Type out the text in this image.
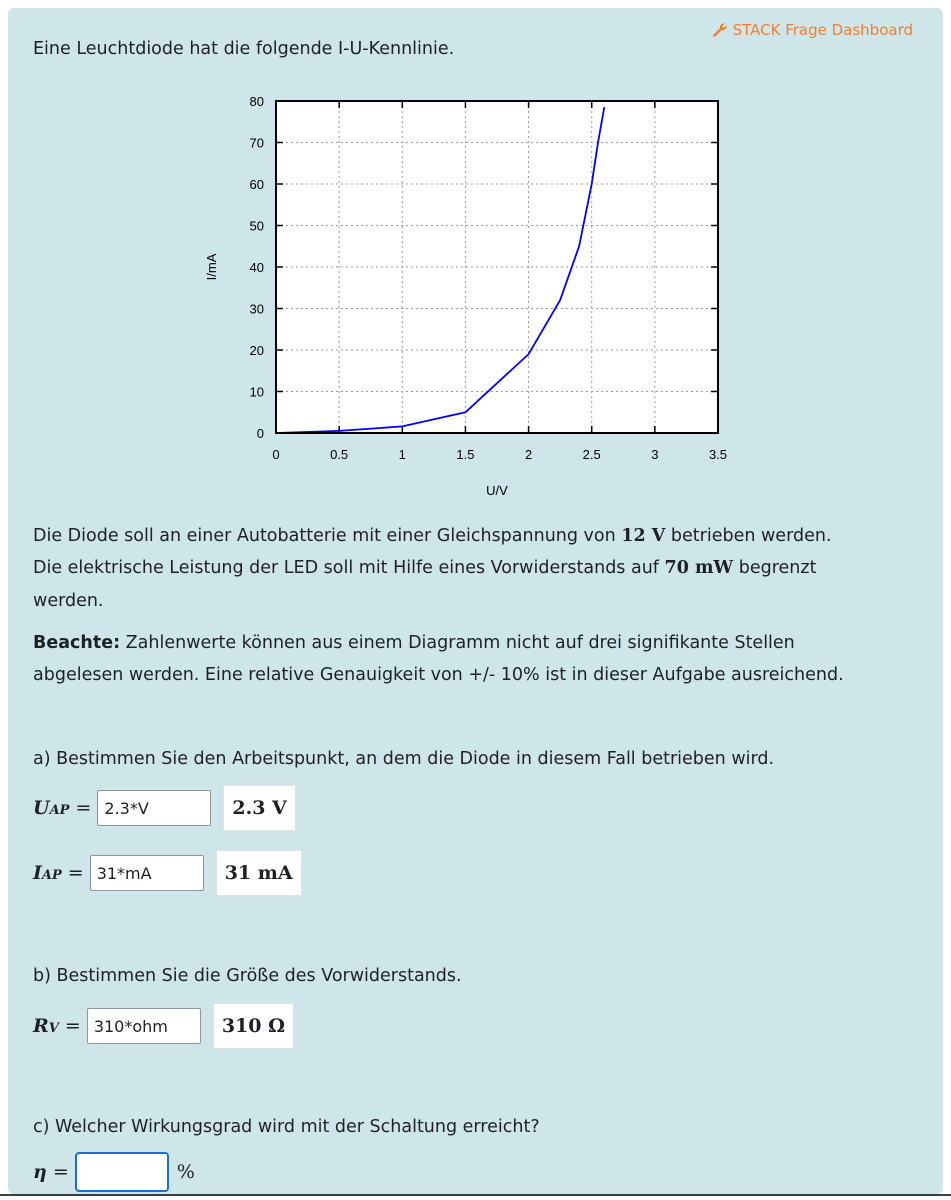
STACK Frage Dashboard

Eine Leuchtdiode hat die folgende I-U-Kennlinie.

0	0.5	1	1.5	2	2.5	3	3.5
0
10
20
30
40
50
60
70
80
U/V
I/mA

Die Diode soll an einer Autobatterie mit einer Gleichspannung von 12 V betrieben werden.

Die elektrische Leistung der LED soll mit Hilfe eines Vorwiderstands auf 70 mW begrenzt

werden.

Beachte: Zahlenwerte können aus einem Diagramm nicht auf drei signifikante Stellen

abgelesen werden. Eine relative Genauigkeit von +/- 10% ist in dieser Aufgabe ausreichend.

a) Bestimmen Sie den Arbeitspunkt, an dem die Diode in diesem Fall betrieben wird.

U AP =
2.3*V	2.3 V
I AP =
31*mA	31 mA

b) Bestimmen Sie die Größe des Vorwiderstands.

R V =
310*ohm	310 Ω

c) Welcher Wirkungsgrad wird mit der Schaltung erreicht?

η =	%
